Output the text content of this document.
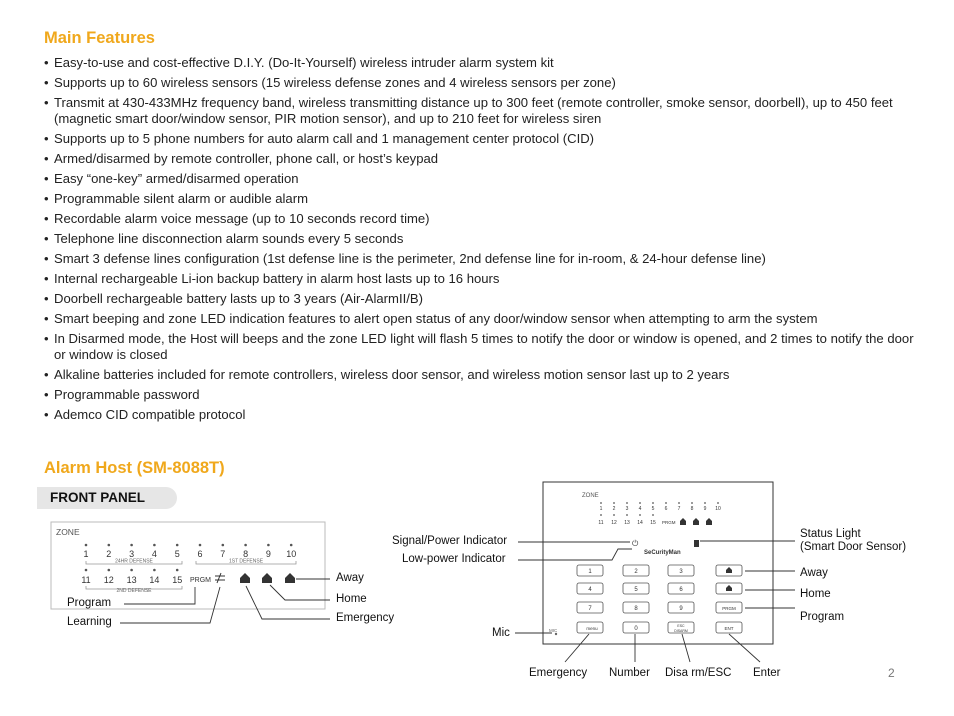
Main Features
• Easy-to-use and cost-effective D.I.Y. (Do-It-Yourself) wireless intruder alarm system kit
• Supports up to 60 wireless sensors (15 wireless defense zones and 4 wireless sensors per zone)
• Transmit at 430-433MHz frequency band, wireless transmitting distance up to 300 feet (remote controller, smoke sensor, doorbell), up to 450 feet (magnetic smart door/window sensor, PIR motion sensor), and up to 210 feet for wireless siren
• Supports up to 5 phone numbers for auto alarm call and 1 management center protocol (CID)
• Armed/disarmed by remote controller, phone call, or host’s keypad
• Easy “one-key” armed/disarmed operation
• Programmable silent alarm or audible alarm
• Recordable alarm voice message (up to 10 seconds record time)
• Telephone line disconnection alarm sounds every 5 seconds
• Smart 3 defense lines configuration (1st defense line is the perimeter, 2nd defense line for in-room, & 24-hour defense line)
• Internal rechargeable Li-ion backup battery in alarm host lasts up to 16 hours
• Doorbell rechargeable battery lasts up to 3 years (Air-AlarmII/B)
• Smart beeping and zone LED indication features to alert open status of any door/window sensor when attempting to arm the system
• In Disarmed mode, the Host will beeps and the zone LED light will flash 5 times to notify the door or window is opened, and 2 times to notify the door or window is closed
• Alkaline batteries included for remote controllers, wireless door sensor, and wireless motion sensor last up to 2 years
• Programmable password
• Ademco CID compatible protocol
Alarm Host (SM-8088T)
FRONT PANEL
ZONE
1 2 3 4 5 6 7 8 9 10
11 12 13 14 15
24HR DEFENSE	1ST DEFENSE
2ND DEFENSE
PRGM	Away
Home
Emergency
Program
Learning
ZONE
1 2 3 4 5 6 7 8 9 10
11 12 13 14 15 PRGM
⏻
SeCurityMan
1	2	3
4	5	6
7	8	9
menu	0	ESC
DISARM
PRGM
ENT
MIC
Signal/Power Indicator
Low-power Indicator
Status Light
(Smart Door Sensor)
Away
Home
Program
Mic
Emergency Number Disa rm/ESC Enter	2
